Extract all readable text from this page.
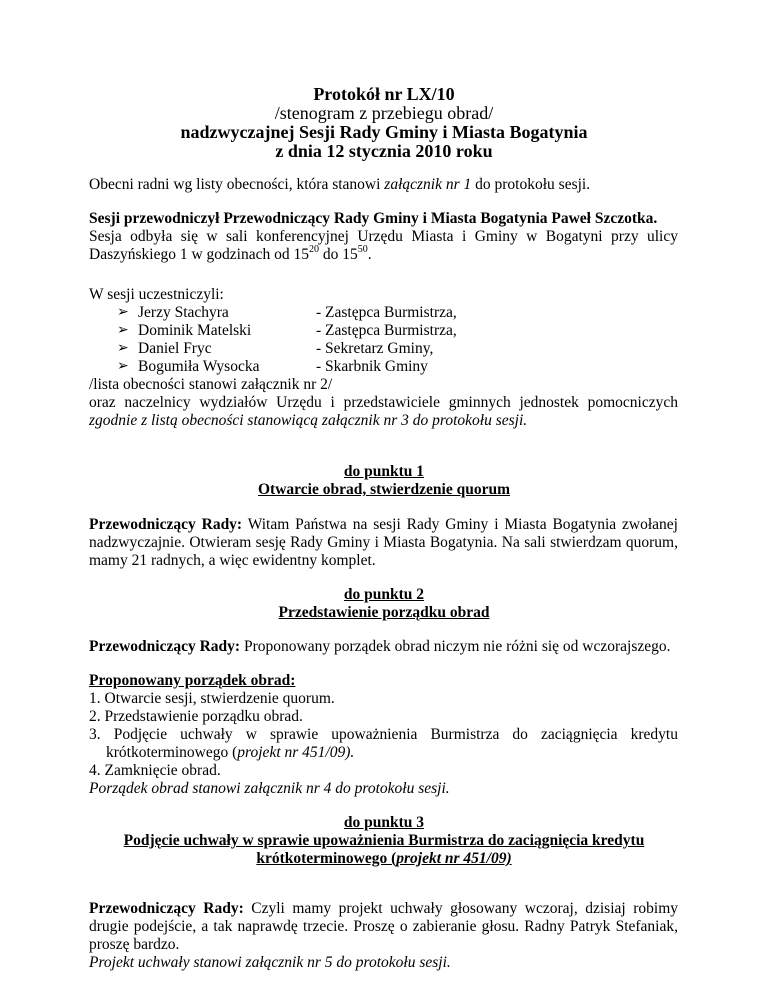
Protokół nr LX/10
/stenogram z przebiegu obrad/
nadzwyczajnej Sesji Rady Gminy i Miasta Bogatynia
z dnia 12 stycznia 2010 roku
Obecni radni wg listy obecności, która stanowi załącznik nr 1 do protokołu sesji.
Sesji przewodniczył Przewodniczący Rady Gminy i Miasta Bogatynia Paweł Szczotka.
Sesja odbyła się w sali konferencyjnej Urzędu Miasta i Gminy w Bogatyni przy ulicy
Daszyńskiego 1 w godzinach od $15^{20}$ do $15^{50}$.
W sesji uczestniczyli:
➢ Jerzy Stachyra	- Zastępca Burmistrza,
➢ Dominik Matelski	- Zastępca Burmistrza,
➢ Daniel Fryc	- Sekretarz Gminy,
➢ Bogumiła Wysocka	- Skarbnik Gminy
/lista obecności stanowi załącznik nr 2/
oraz naczelnicy wydziałów Urzędu i przedstawiciele gminnych jednostek pomocniczych
zgodnie z listą obecności stanowiącą załącznik nr 3 do protokołu sesji.
do punktu 1
Otwarcie obrad, stwierdzenie quorum
Przewodniczący Rady: Witam Państwa na sesji Rady Gminy i Miasta Bogatynia zwołanej
nadzwyczajnie. Otwieram sesję Rady Gminy i Miasta Bogatynia. Na sali stwierdzam quorum,
mamy 21 radnych, a więc ewidentny komplet.
do punktu 2
Przedstawienie porządku obrad
Przewodniczący Rady: Proponowany porządek obrad niczym nie różni się od wczorajszego.
Proponowany porządek obrad:
1. Otwarcie sesji, stwierdzenie quorum.
2. Przedstawienie porządku obrad.
3. Podjęcie uchwały w sprawie upoważnienia Burmistrza do zaciągnięcia kredytu
krótkoterminowego (projekt nr 451/09).
4. Zamknięcie obrad.
Porządek obrad stanowi załącznik nr 4 do protokołu sesji.
do punktu 3
Podjęcie uchwały w sprawie upoważnienia Burmistrza do zaciągnięcia kredytu
krótkoterminowego (projekt nr 451/09)
Przewodniczący Rady: Czyli mamy projekt uchwały głosowany wczoraj, dzisiaj robimy
drugie podejście, a tak naprawdę trzecie. Proszę o zabieranie głosu. Radny Patryk Stefaniak,
proszę bardzo.
Projekt uchwały stanowi załącznik nr 5 do protokołu sesji.
